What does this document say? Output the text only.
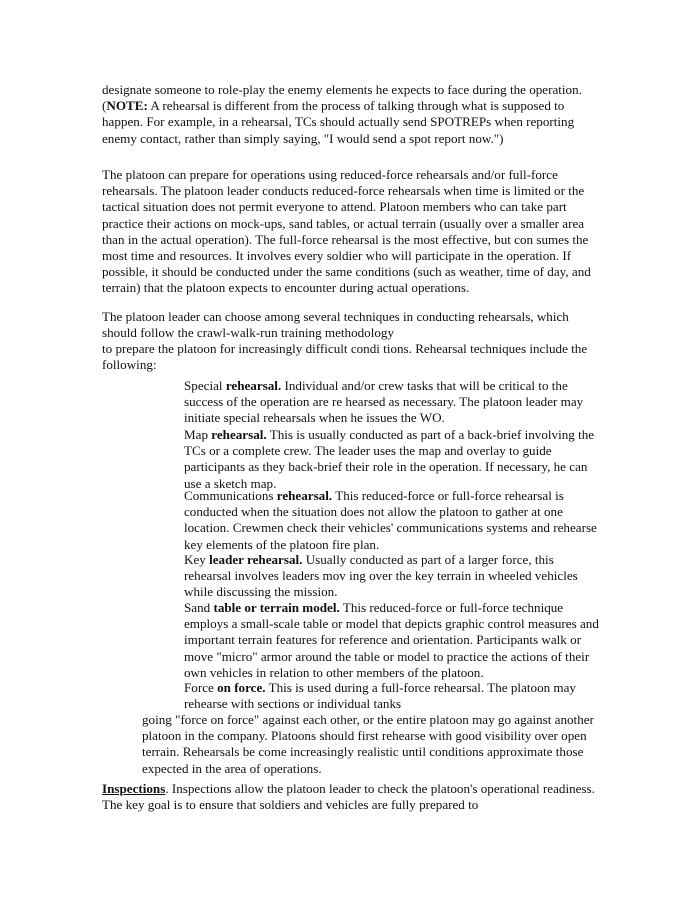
designate someone to role-play the enemy elements he expects to face during the operation. (NOTE: A rehearsal is different from the process of talking through what is supposed to happen. For example, in a rehearsal, TCs should actually send SPOTREPs when reporting enemy contact, rather than simply saying, "I would send a spot report now.")

The platoon can prepare for operations using reduced-force rehearsals and/or full-force rehearsals. The platoon leader conducts reduced-force rehearsals when time is limited or the tactical situation does not permit everyone to attend. Platoon members who can take part practice their actions on mock-ups, sand tables, or actual terrain (usually over a smaller area than in the actual operation). The full-force rehearsal is the most effective, but con sumes the most time and resources. It involves every soldier who will participate in the operation. If possible, it should be conducted under the same conditions (such as weather, time of day, and terrain) that the platoon expects to encounter during actual operations.

The platoon leader can choose among several techniques in conducting rehearsals, which should follow the crawl-walk-run training methodology

to prepare the platoon for increasingly difficult condi tions. Rehearsal techniques include the following:

Special rehearsal. Individual and/or crew tasks that will be critical to the success of the operation are re hearsed as necessary. The platoon leader may initiate special rehearsals when he issues the WO.

Map rehearsal. This is usually conducted as part of a back-brief involving the TCs or a complete crew. The leader uses the map and overlay to guide participants as they back-brief their role in the operation. If necessary, he can use a sketch map.

Communications rehearsal. This reduced-force or full-force rehearsal is conducted when the situation does not allow the platoon to gather at one location. Crewmen check their vehicles' communications systems and rehearse key elements of the platoon fire plan.

Key leader rehearsal. Usually conducted as part of a larger force, this rehearsal involves leaders mov ing over the key terrain in wheeled vehicles while discussing the mission.

Sand table or terrain model. This reduced-force or full-force technique employs a small-scale table or model that depicts graphic control measures and important terrain features for reference and orientation. Participants walk or move "micro" armor around the table or model to practice the actions of their own vehicles in relation to other members of the platoon.

Force on force. This is used during a full-force rehearsal. The platoon may rehearse with sections or individual tanks

going "force on force" against each other, or the entire platoon may go against another platoon in the company. Platoons should first rehearse with good visibility over open terrain. Rehearsals be come increasingly realistic until conditions approximate those expected in the area of operations.

Inspections. Inspections allow the platoon leader to check the platoon's operational readiness. The key goal is to ensure that soldiers and vehicles are fully prepared to
